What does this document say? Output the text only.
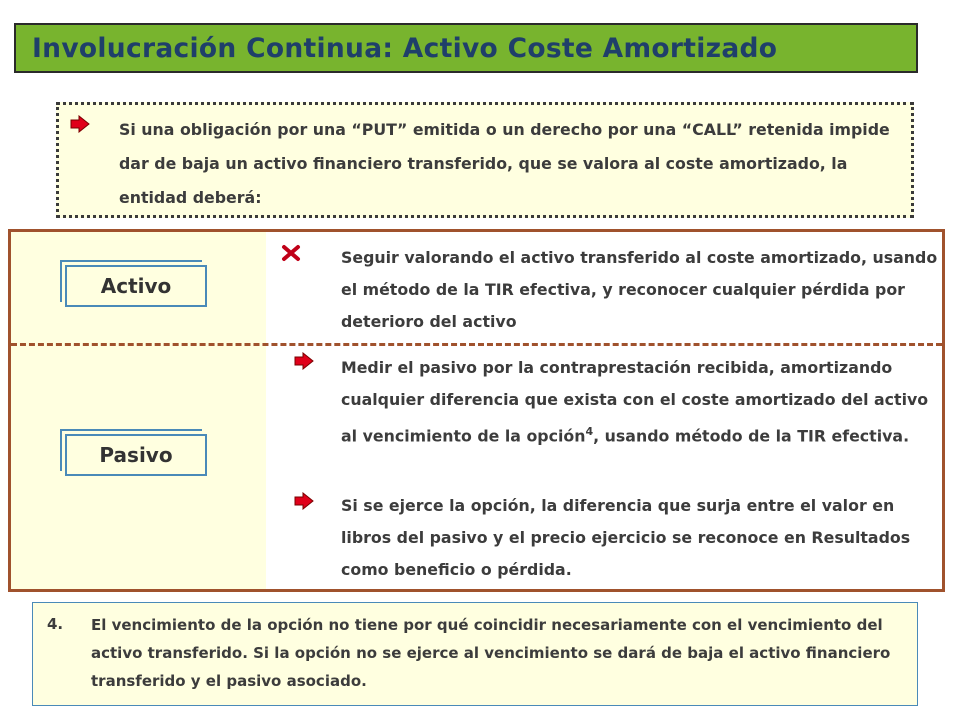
Involucración Continua: Activo Coste Amortizado
Si una obligación por una “PUT” emitida o un derecho por una “CALL” retenida impide dar de baja un activo financiero transferido, que se valora al coste amortizado, la entidad deberá:
Activo
Seguir valorando el activo transferido al coste amortizado, usando el método de la TIR efectiva, y reconocer cualquier pérdida por deterioro del activo
Pasivo
Medir el pasivo por la contraprestación recibida, amortizando cualquier diferencia que exista con el coste amortizado del activo al vencimiento de la opción$^4$, usando método de la TIR efectiva.
Si se ejerce la opción, la diferencia que surja entre el valor en libros del pasivo y el precio ejercicio se reconoce en Resultados como beneficio o pérdida.
4. El vencimiento de la opción no tiene por qué coincidir necesariamente con el vencimiento del activo transferido. Si la opción no se ejerce al vencimiento se dará de baja el activo financiero transferido y el pasivo asociado.
